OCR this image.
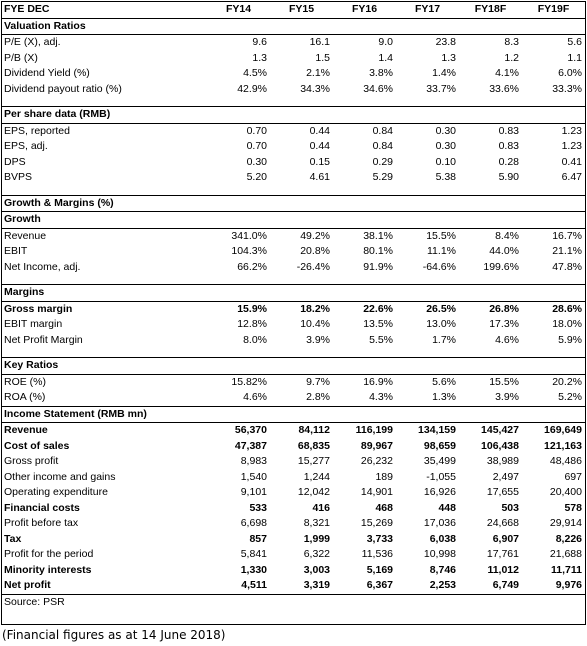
FYE DEC	FY14	FY15	FY16	FY17	FY18F	FY19F
Valuation Ratios						
P/E (X), adj.	9.6	16.1	9.0	23.8	8.3	5.6
P/B (X)	1.3	1.5	1.4	1.3	1.2	1.1
Dividend Yield (%)	4.5%	2.1%	3.8%	1.4%	4.1%	6.0%
Dividend payout ratio (%)	42.9%	34.3%	34.6%	33.7%	33.6%	33.3%

Per share data (RMB)						
EPS, reported	0.70	0.44	0.84	0.30	0.83	1.23
EPS, adj.	0.70	0.44	0.84	0.30	0.83	1.23
DPS	0.30	0.15	0.29	0.10	0.28	0.41
BVPS	5.20	4.61	5.29	5.38	5.90	6.47

Growth & Margins (%)						
Growth						
Revenue	341.0%	49.2%	38.1%	15.5%	8.4%	16.7%
EBIT	104.3%	20.8%	80.1%	11.1%	44.0%	21.1%
Net Income, adj.	66.2%	-26.4%	91.9%	-64.6%	199.6%	47.8%

Margins						
Gross margin	15.9%	18.2%	22.6%	26.5%	26.8%	28.6%
EBIT margin	12.8%	10.4%	13.5%	13.0%	17.3%	18.0%
Net Profit Margin	8.0%	3.9%	5.5%	1.7%	4.6%	5.9%

Key Ratios						
ROE (%)	15.82%	9.7%	16.9%	5.6%	15.5%	20.2%
ROA (%)	4.6%	2.8%	4.3%	1.3%	3.9%	5.2%
Income Statement (RMB mn)						
Revenue	56,370	84,112	116,199	134,159	145,427	169,649
Cost of sales	47,387	68,835	89,967	98,659	106,438	121,163
Gross profit	8,983	15,277	26,232	35,499	38,989	48,486
Other income and gains	1,540	1,244	189	-1,055	2,497	697
Operating expenditure	9,101	12,042	14,901	16,926	17,655	20,400
Financial costs	533	416	468	448	503	578
Profit before tax	6,698	8,321	15,269	17,036	24,668	29,914
Tax	857	1,999	3,733	6,038	6,907	8,226
Profit for the period	5,841	6,322	11,536	10,998	17,761	21,688
Minority interests	1,330	3,003	5,169	8,746	11,012	11,711
Net profit	4,511	3,319	6,367	2,253	6,749	9,976
Source: PSR						
(Financial figures as at 14 June 2018)
